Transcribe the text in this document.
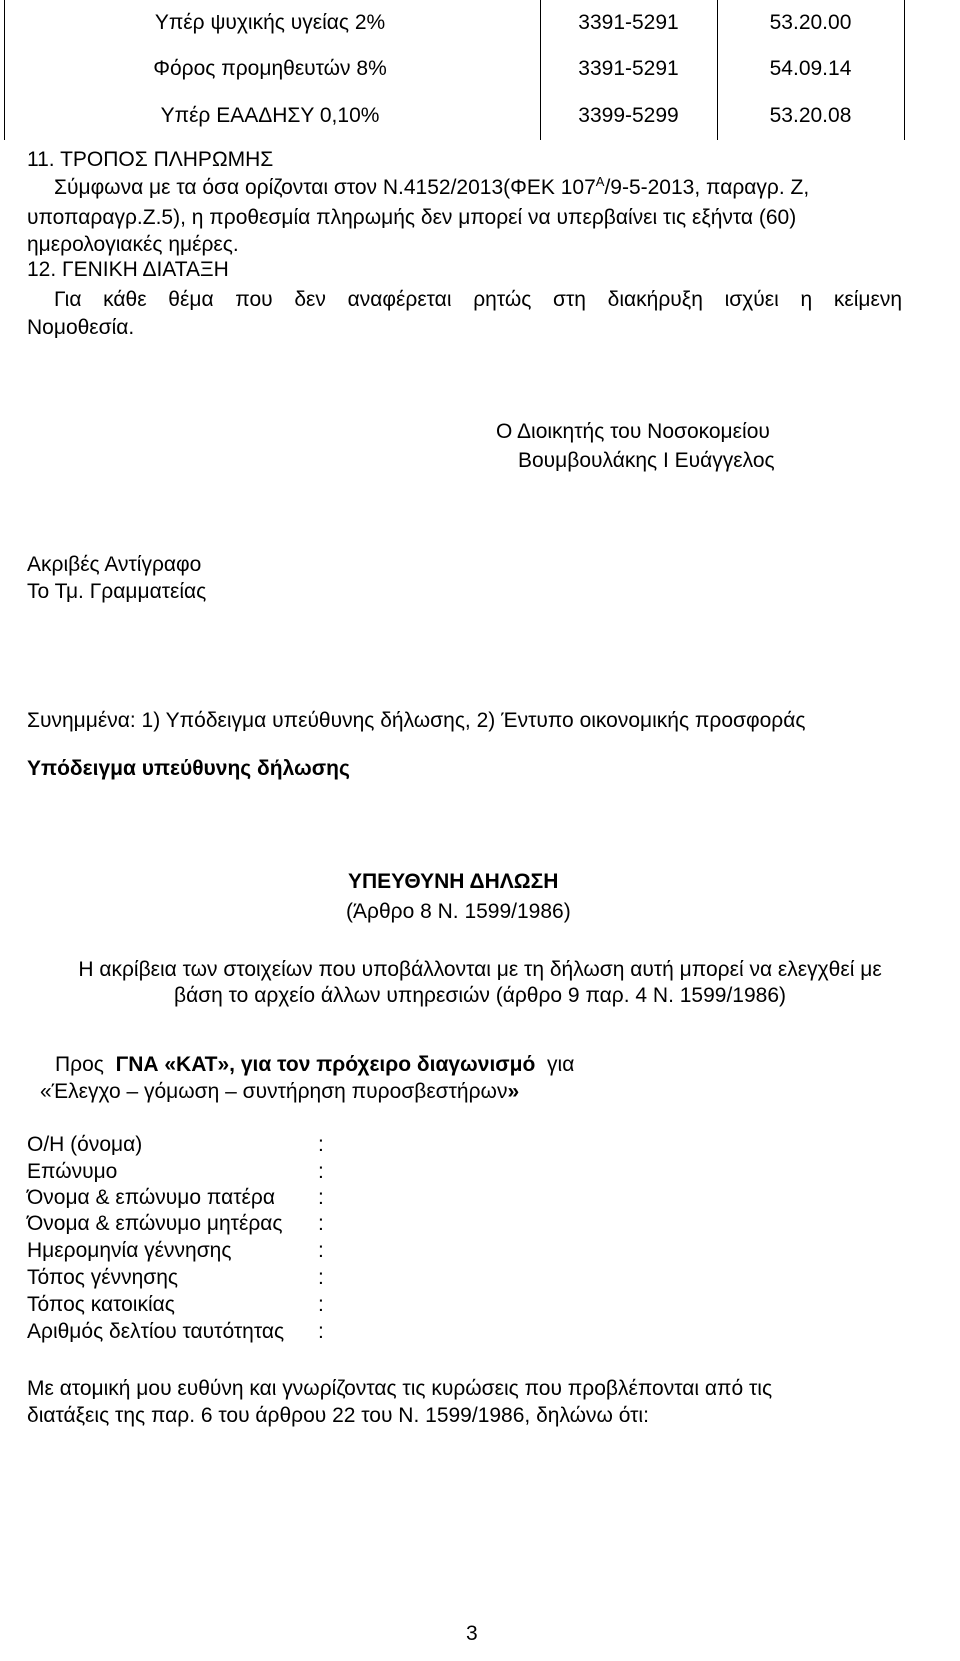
Υπέρ ψυχικής υγείας 2%	3391-5291	53.20.00
Φόρος προμηθευτών 8%	3391-5291	54.09.14
Υπέρ ΕΑΑΔΗΣΥ 0,10%	3399-5299	53.20.08
11. ΤΡΟΠΟΣ ΠΛΗΡΩΜΗΣ
Σύμφωνα με τα όσα ορίζονται στον Ν.4152/2013(ΦΕΚ $107^A/9-5-2013$, παραγρ. Ζ,
υποπαραγρ.Ζ.5), η προθεσμία πληρωμής δεν μπορεί να υπερβαίνει τις εξήντα (60)
ημερολογιακές ημέρες.
12. ΓΕΝΙΚΗ ΔΙΑΤΑΞΗ
Για κάθε θέμα που δεν αναφέρεται ρητώς στη διακήρυξη ισχύει η κείμενη
Νομοθεσία.
Ο Διοικητής του Νοσοκομείου
Βουμβουλάκης Ι Ευάγγελος
Ακριβές Αντίγραφο
Το Τμ. Γραμματείας
Συνημμένα: 1) Υπόδειγμα υπεύθυνης δήλωσης, 2) Έντυπο οικονομικής προσφοράς
Υπόδειγμα υπεύθυνης δήλωσης
ΥΠΕΥΘΥΝΗ ΔΗΛΩΣΗ
(Άρθρο 8 Ν. 1599/1986)
Η ακρίβεια των στοιχείων που υποβάλλονται με τη δήλωση αυτή μπορεί να ελεγχθεί με
βάση το αρχείο άλλων υπηρεσιών (άρθρο 9 παρ. 4 Ν. 1599/1986)
Προς ΓΝΑ «ΚΑΤ», για τον πρόχειρο διαγωνισμό για
«Έλεγχο – γόμωση – συντήρηση πυροσβεστήρων»
Ο/Η (όνομα)	:
Επώνυμο	:
Όνομα & επώνυμο πατέρα :
Όνομα & επώνυμο μητέρας :
Ημερομηνία γέννησης	:
Τόπος γέννησης	:
Τόπος κατοικίας	:
Αριθμός δελτίου ταυτότητας :
Με ατομική μου ευθύνη και γνωρίζοντας τις κυρώσεις που προβλέπονται από τις
διατάξεις της παρ. 6 του άρθρου 22 του Ν. 1599/1986, δηλώνω ότι:
3
